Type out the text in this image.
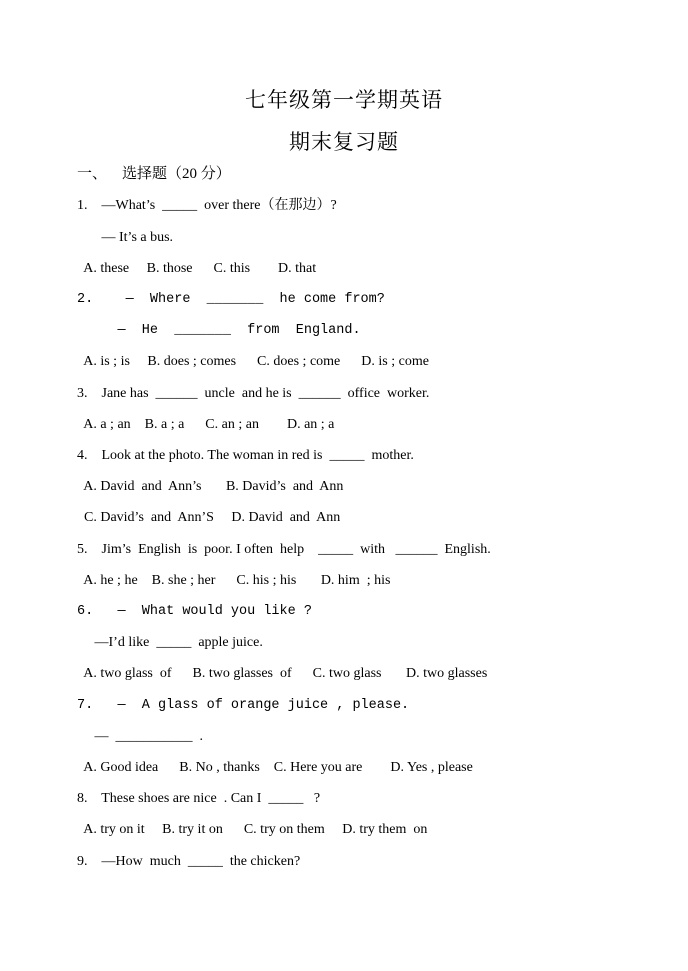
七年级第一学期英语
期末复习题
一、    选择题（20 分）
1.    —What’s  _____  over there（在那边）?
— It’s a bus.
A. these     B. those      C. this        D. that
2.    —  Where  _______  he come from?
—  He  _______  from  England.
A. is ; is     B. does ; comes      C. does ; come      D. is ; come
3.    Jane has  ______  uncle  and he is  ______  office  worker.
A. a ; an    B. a ; a      C. an ; an        D. an ; a
4.    Look at the photo. The woman in red is  _____  mother.
A. David  and  Ann’s       B. David’s  and  Ann
C. David’s  and  Ann’S     D. David  and  Ann
5.    Jim’s  English  is  poor. I often  help    _____  with   ______  English.
A. he ; he    B. she ; her      C. his ; his       D. him  ; his
6.   —  What would you like ?
—I’d like  _____  apple juice.
A. two glass  of      B. two glasses  of      C. two glass       D. two glasses
7.   —  A glass of orange juice , please.
—  ___________  .
A. Good idea      B. No , thanks    C. Here you are        D. Yes , please
8.    These shoes are nice  . Can I  _____   ?
A. try on it     B. try it on      C. try on them     D. try them  on
9.    —How  much  _____  the chicken?
